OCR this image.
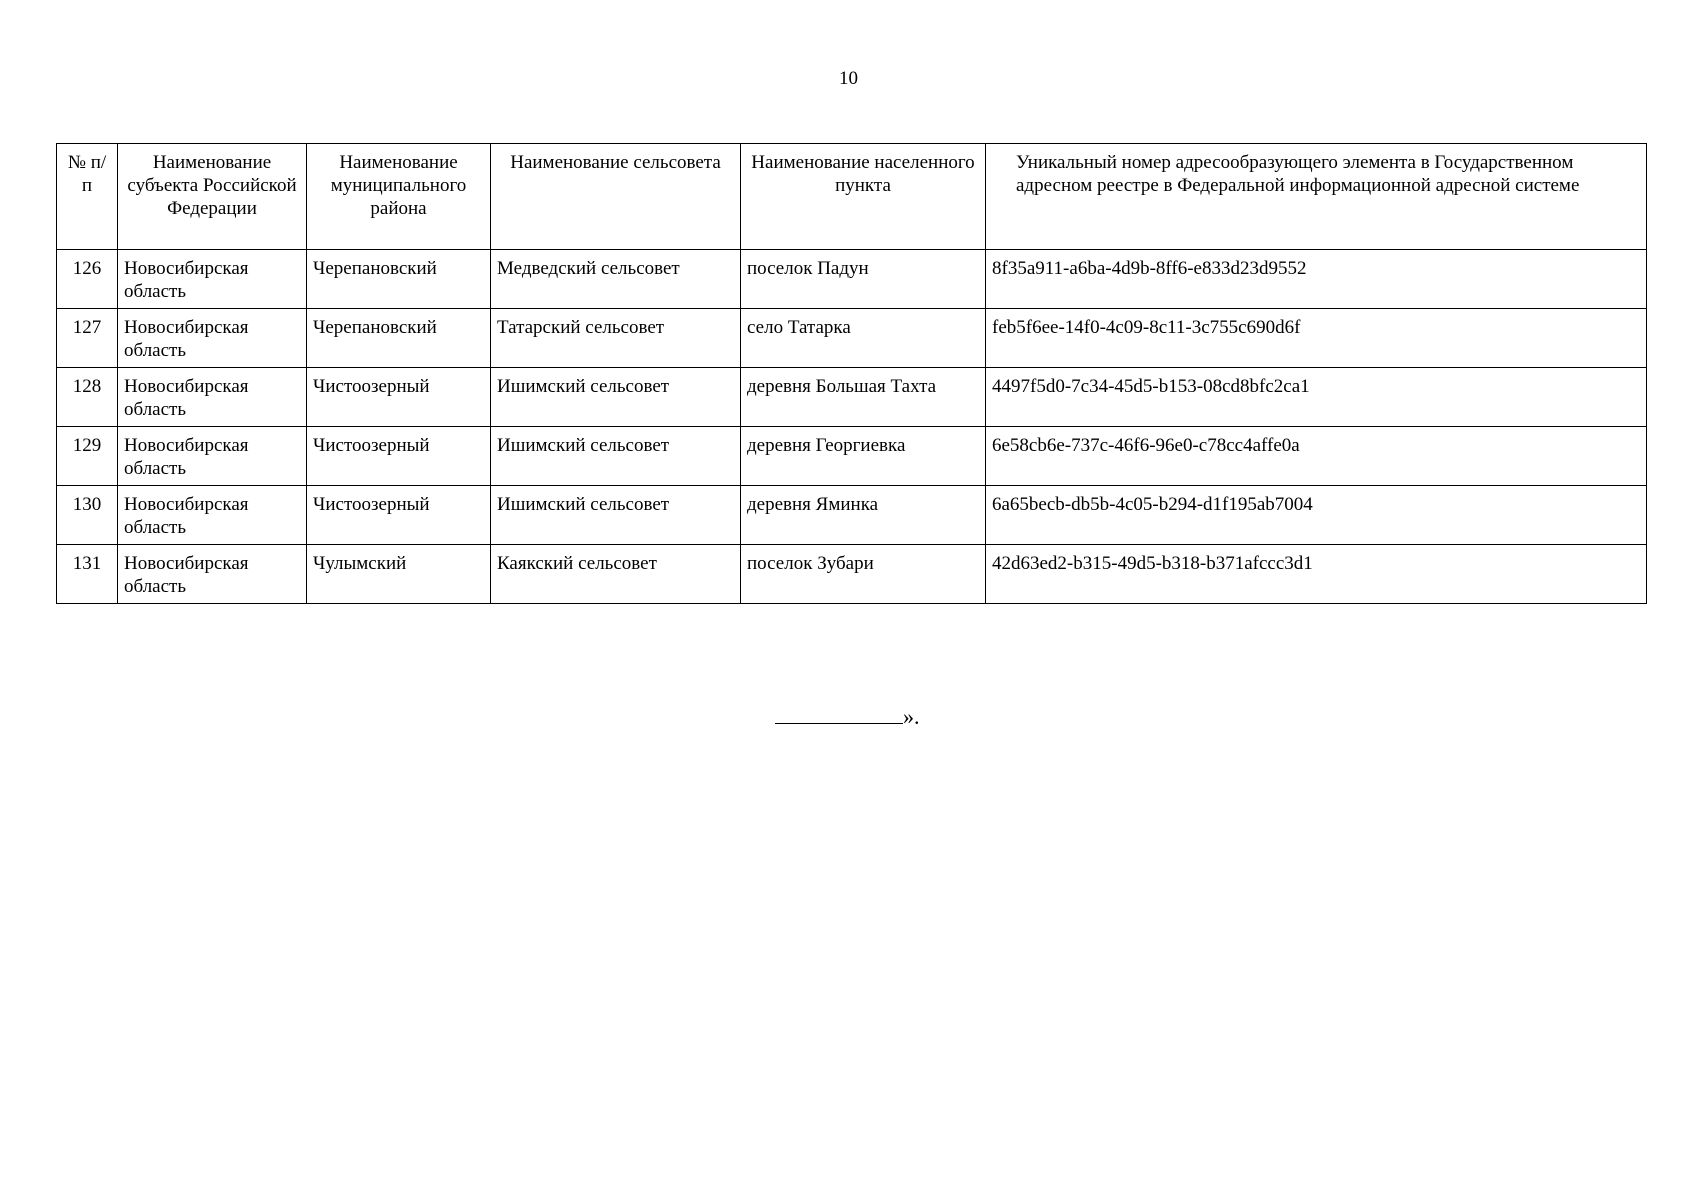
10
№ п/п	Наименование субъекта Российской Федерации	Наименование муниципального района	Наименование сельсовета	Наименование населенного пункта	Уникальный номер адресообразующего элемента в Государственном адресном реестре в Федеральной информационной адресной системе
126	Новосибирская область	Черепановский	Медведский сельсовет	поселок Падун	8f35a911-a6ba-4d9b-8ff6-e833d23d9552
127	Новосибирская область	Черепановский	Татарский сельсовет	село Татарка	feb5f6ee-14f0-4c09-8c11-3c755c690d6f
128	Новосибирская область	Чистоозерный	Ишимский сельсовет	деревня Большая Тахта	4497f5d0-7c34-45d5-b153-08cd8bfc2ca1
129	Новосибирская область	Чистоозерный	Ишимский сельсовет	деревня Георгиевка	6e58cb6e-737c-46f6-96e0-c78cc4affe0a
130	Новосибирская область	Чистоозерный	Ишимский сельсовет	деревня Яминка	6a65becb-db5b-4c05-b294-d1f195ab7004
131	Новосибирская область	Чулымский	Каякский сельсовет	поселок Зубари	42d63ed2-b315-49d5-b318-b371afccc3d1
».
